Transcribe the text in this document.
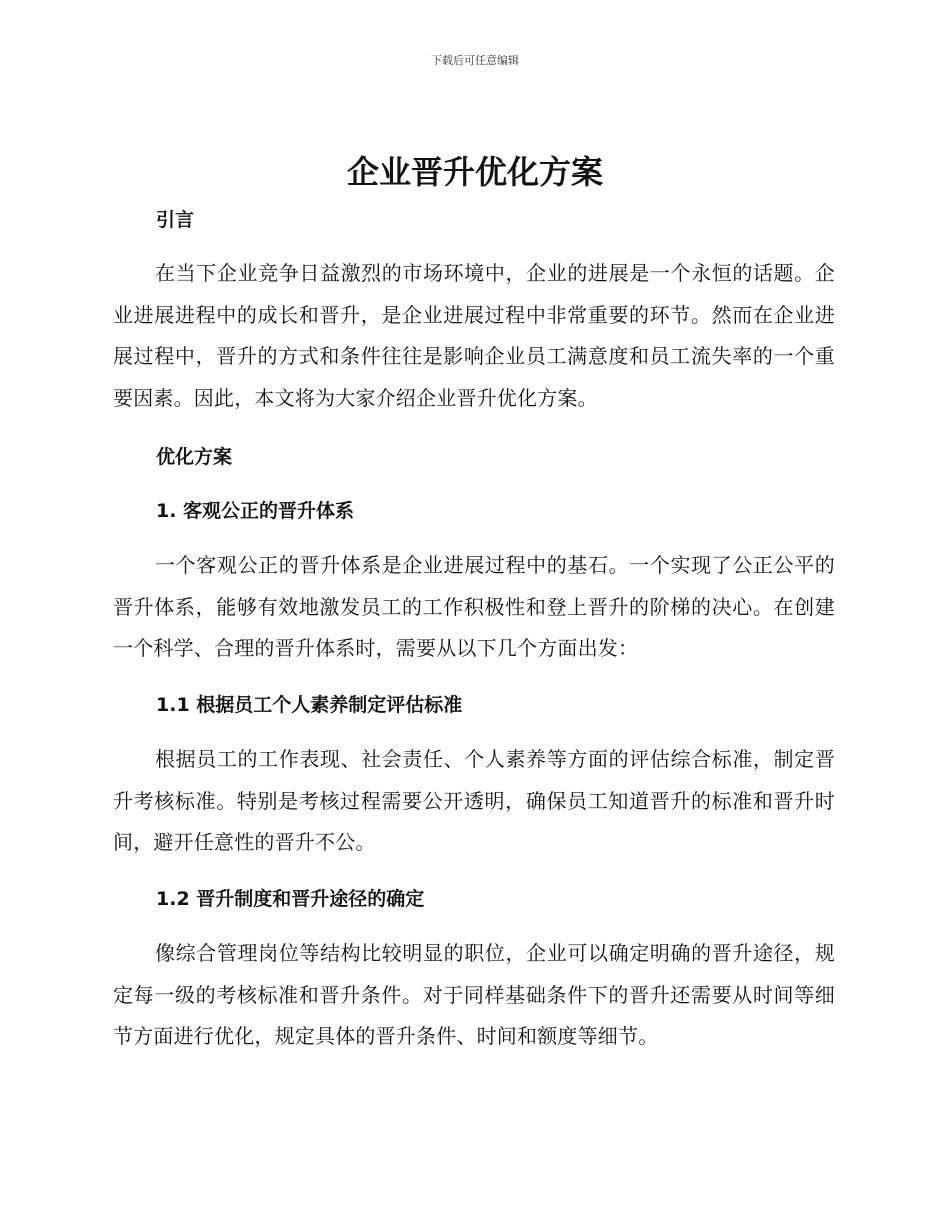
下载后可任意编辑
企业晋升优化方案
引言

在当下企业竞争日益激烈的市场环境中，企业的进展是一个永恒的话题。企业进展进程中的成长和晋升，是企业进展过程中非常重要的环节。然而在企业进展过程中，晋升的方式和条件往往是影响企业员工满意度和员工流失率的一个重要因素。因此，本文将为大家介绍企业晋升优化方案。

优化方案
1. 客观公正的晋升体系

一个客观公正的晋升体系是企业进展过程中的基石。一个实现了公正公平的晋升体系，能够有效地激发员工的工作积极性和登上晋升的阶梯的决心。在创建一个科学、合理的晋升体系时，需要从以下几个方面出发：

1.1 根据员工个人素养制定评估标准

根据员工的工作表现、社会责任、个人素养等方面的评估综合标准，制定晋升考核标准。特别是考核过程需要公开透明，确保员工知道晋升的标准和晋升时间，避开任意性的晋升不公。

1.2 晋升制度和晋升途径的确定

像综合管理岗位等结构比较明显的职位，企业可以确定明确的晋升途径，规定每一级的考核标准和晋升条件。对于同样基础条件下的晋升还需要从时间等细节方面进行优化，规定具体的晋升条件、时间和额度等细节。
